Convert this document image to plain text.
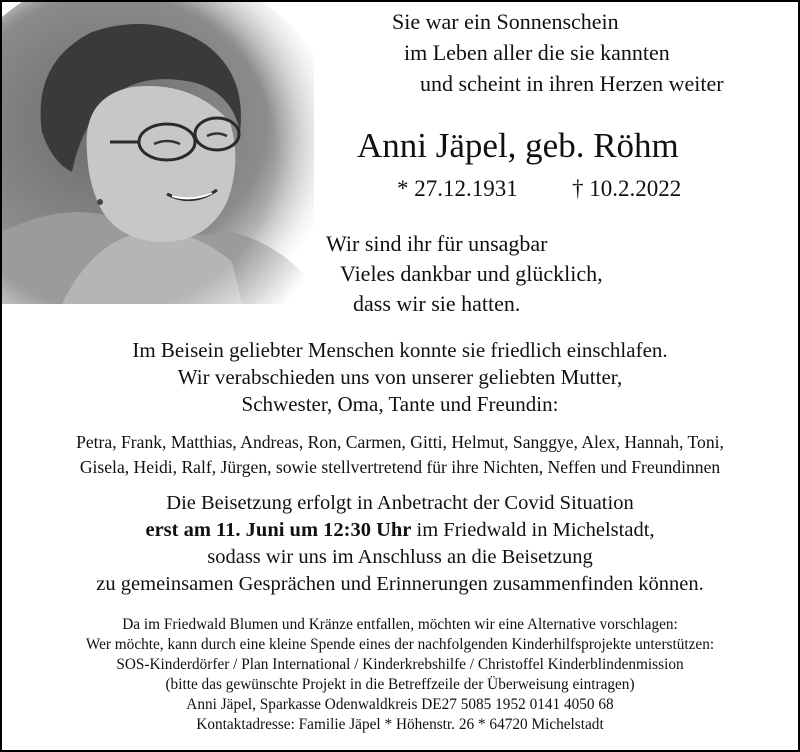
Sie war ein Sonnenschein
im Leben aller die sie kannten
und scheint in ihren Herzen weiter
Anni Jäpel, geb. Röhm
* 27.12.1931 † 10.2.2022
Wir sind ihr für unsagbar
Vieles dankbar und glücklich,
dass wir sie hatten.
Im Beisein geliebter Menschen konnte sie friedlich einschlafen.
Wir verabschieden uns von unserer geliebten Mutter,
Schwester, Oma, Tante und Freundin:
Petra, Frank, Matthias, Andreas, Ron, Carmen, Gitti, Helmut, Sanggye, Alex, Hannah, Toni,
Gisela, Heidi, Ralf, Jürgen, sowie stellvertretend für ihre Nichten, Neffen und Freundinnen
Die Beisetzung erfolgt in Anbetracht der Covid Situation
erst am 11. Juni um 12:30 Uhr im Friedwald in Michelstadt,
sodass wir uns im Anschluss an die Beisetzung
zu gemeinsamen Gesprächen und Erinnerungen zusammenfinden können.
Da im Friedwald Blumen und Kränze entfallen, möchten wir eine Alternative vorschlagen:
Wer möchte, kann durch eine kleine Spende eines der nachfolgenden Kinderhilfsprojekte unterstützen:
SOS-Kinderdörfer / Plan International / Kinderkrebshilfe / Christoffel Kinderblindenmission
(bitte das gewünschte Projekt in die Betreffzeile der Überweisung eintragen)
Anni Jäpel, Sparkasse Odenwaldkreis DE27 5085 1952 0141 4050 68
Kontaktadresse: Familie Jäpel * Höhenstr. 26 * 64720 Michelstadt
